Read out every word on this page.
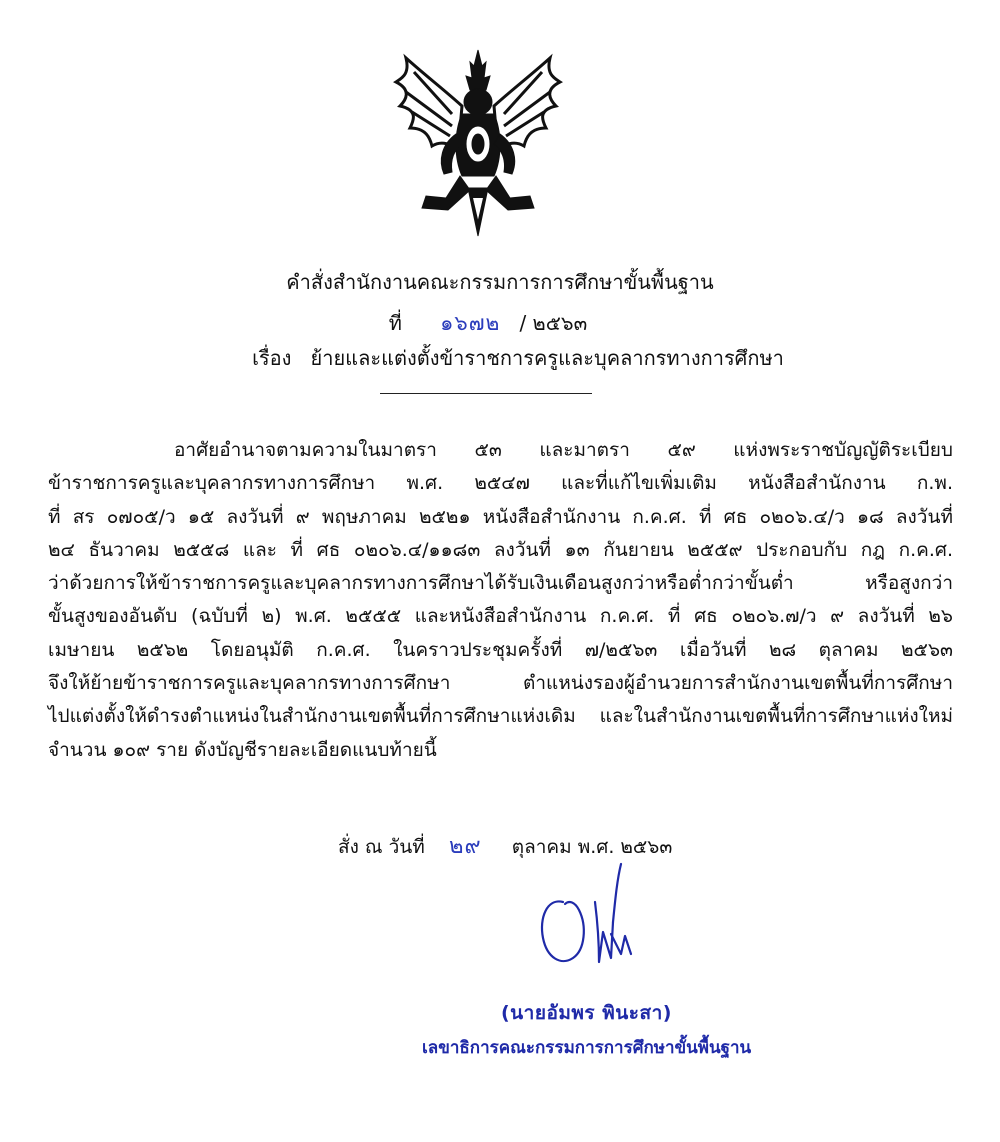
คำสั่งสำนักงานคณะกรรมการการศึกษาขั้นพื้นฐาน
ที่ ๑๖๗๒ / ๒๕๖๓
เรื่อง ย้ายและแต่งตั้งข้าราชการครูและบุคลากรทางการศึกษา
อาศัยอำนาจตามความในมาตรา ๕๓ และมาตรา ๕๙ แห่งพระราชบัญญัติระเบียบ
ข้าราชการครูและบุคลากรทางการศึกษา พ.ศ. ๒๕๔๗ และที่แก้ไขเพิ่มเติม หนังสือสำนักงาน ก.พ.
ที่ สร ๐๗๐๕/ว ๑๕ ลงวันที่ ๙ พฤษภาคม ๒๕๒๑ หนังสือสำนักงาน ก.ค.ศ. ที่ ศธ ๐๒๐๖.๔/ว ๑๘ ลงวันที่
๒๔ ธันวาคม ๒๕๕๘ และ ที่ ศธ ๐๒๐๖.๔/๑๑๘๓ ลงวันที่ ๑๓ กันยายน ๒๕๕๙ ประกอบกับ กฎ ก.ค.ศ.
ว่าด้วยการให้ข้าราชการครูและบุคลากรทางการศึกษาได้รับเงินเดือนสูงกว่าหรือต่ำกว่าขั้นต่ำ หรือสูงกว่า
ขั้นสูงของอันดับ (ฉบับที่ ๒) พ.ศ. ๒๕๕๕ และหนังสือสำนักงาน ก.ค.ศ. ที่ ศธ ๐๒๐๖.๗/ว ๙ ลงวันที่ ๒๖
เมษายน ๒๕๖๒ โดยอนุมัติ ก.ค.ศ. ในคราวประชุมครั้งที่ ๗/๒๕๖๓ เมื่อวันที่ ๒๘ ตุลาคม ๒๕๖๓
จึงให้ย้ายข้าราชการครูและบุคลากรทางการศึกษา ตำแหน่งรองผู้อำนวยการสำนักงานเขตพื้นที่การศึกษา
ไปแต่งตั้งให้ดำรงตำแหน่งในสำนักงานเขตพื้นที่การศึกษาแห่งเดิม และในสำนักงานเขตพื้นที่การศึกษาแห่งใหม่
จำนวน ๑๐๙ ราย ดังบัญชีรายละเอียดแนบท้ายนี้
สั่ง ณ วันที่ ๒๙ ตุลาคม พ.ศ. ๒๕๖๓
(นายอัมพร พินะสา)
เลขาธิการคณะกรรมการการศึกษาขั้นพื้นฐาน
